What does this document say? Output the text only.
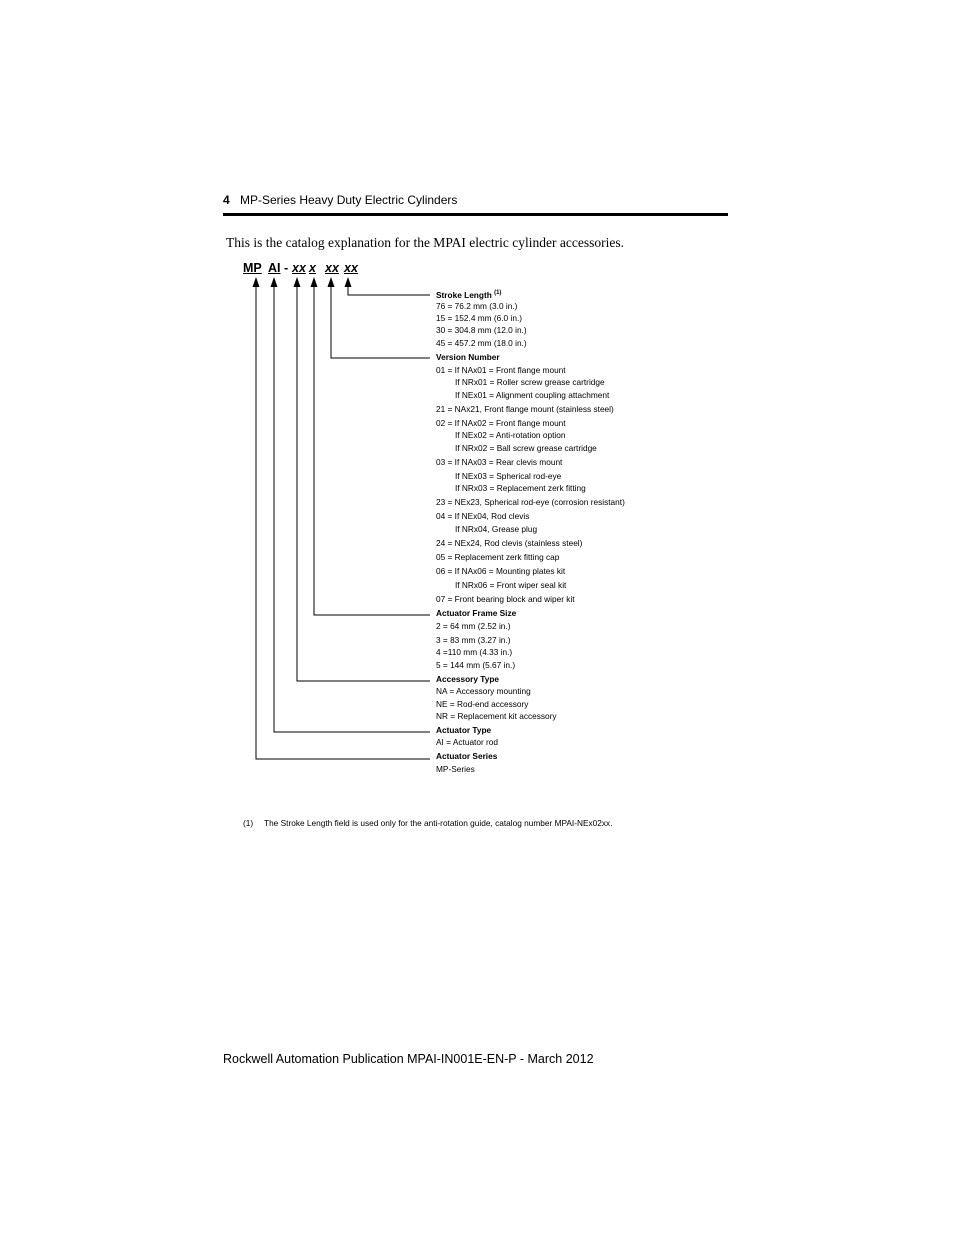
4 MP-Series Heavy Duty Electric Cylinders
This is the catalog explanation for the MPAI electric cylinder accessories.
MP AI - xx x xx xx
Stroke Length $^{(1)}$
76 = 76.2 mm (3.0 in.)
15 = 152.4 mm (6.0 in.)
30 = 304.8 mm (12.0 in.)
45 = 457.2 mm (18.0 in.)
Version Number
01 = If NAx01 = Front flange mount
If NRx01 = Roller screw grease cartridge
If NEx01 = Alignment coupling attachment
21 = NAx21, Front flange mount (stainless steel)
02 = If NAx02 = Front flange mount
If NEx02 = Anti-rotation option
If NRx02 = Ball screw grease cartridge
03 = If NAx03 = Rear clevis mount
If NEx03 = Spherical rod-eye
If NRx03 = Replacement zerk fitting
23 = NEx23, Spherical rod-eye (corrosion resistant)
04 = If NEx04, Rod clevis
If NRx04, Grease plug
24 = NEx24, Rod clevis (stainless steel)
05 = Replacement zerk fitting cap
06 = If NAx06 = Mounting plates kit
If NRx06 = Front wiper seal kit
07 = Front bearing block and wiper kit
Actuator Frame Size
2 = 64 mm (2.52 in.)
3 = 83 mm (3.27 in.)
4 =110 mm (4.33 in.)
5 = 144 mm (5.67 in.)
Accessory Type
NA = Accessory mounting
NE = Rod-end accessory
NR = Replacement kit accessory
Actuator Type
AI = Actuator rod
Actuator Series
MP-Series
(1) The Stroke Length field is used only for the anti-rotation guide, catalog number MPAI-NEx02xx.
Rockwell Automation Publication MPAI-IN001E-EN-P - March 2012
